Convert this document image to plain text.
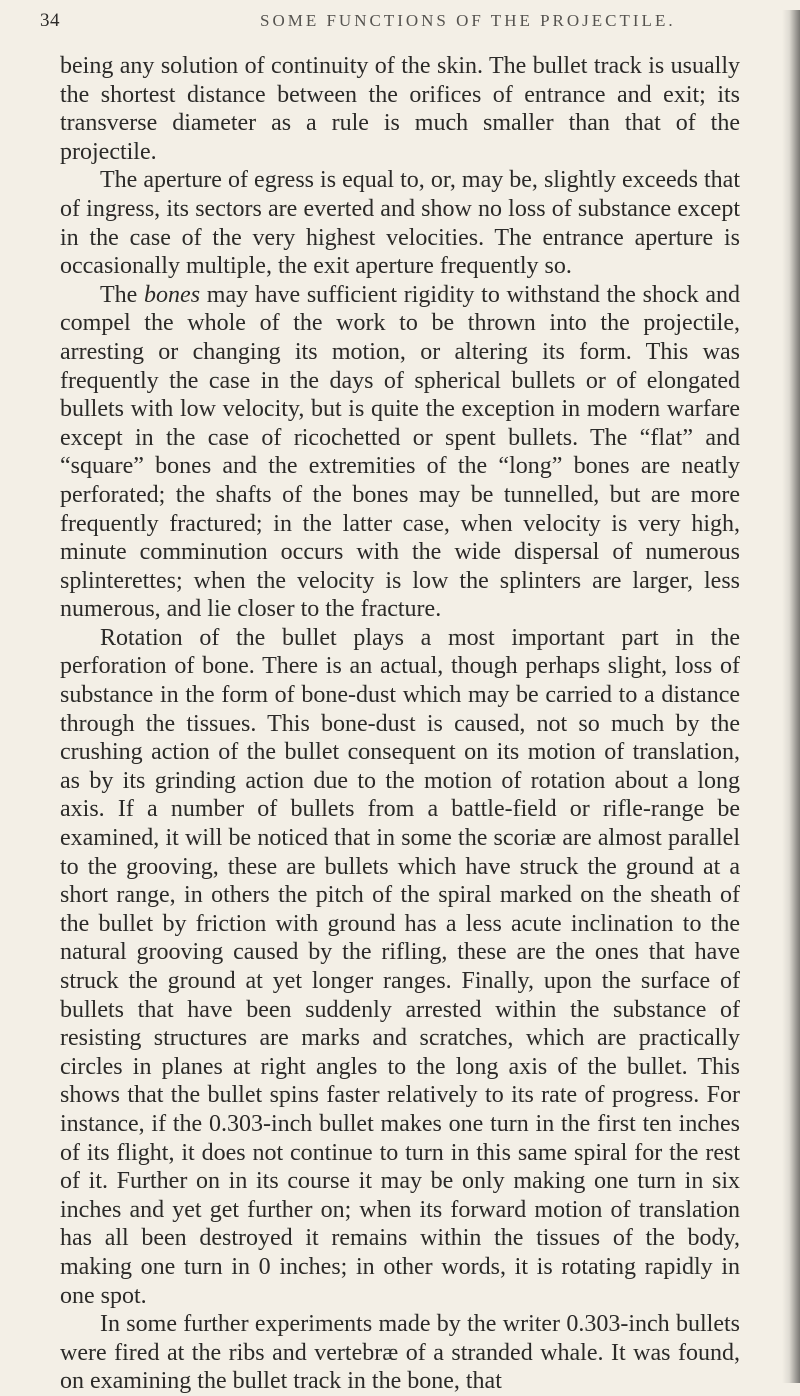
34	SOME FUNCTIONS OF THE PROJECTILE.

being any solution of continuity of the skin. The bullet track is usually the shortest distance between the orifices of entrance and exit; its transverse diameter as a rule is much smaller than that of the projectile.

The aperture of egress is equal to, or, may be, slightly exceeds that of ingress, its sectors are everted and show no loss of substance except in the case of the very highest velocities. The entrance aperture is occasionally multiple, the exit aperture frequently so.

The bones may have sufficient rigidity to withstand the shock and compel the whole of the work to be thrown into the projectile, arresting or changing its motion, or altering its form. This was frequently the case in the days of spherical bullets or of elongated bullets with low velocity, but is quite the exception in modern warfare except in the case of ricochetted or spent bullets. The “flat” and “square” bones and the extremities of the “long” bones are neatly perforated; the shafts of the bones may be tunnelled, but are more frequently fractured; in the latter case, when velocity is very high, minute comminution occurs with the wide dispersal of numerous splinterettes; when the velocity is low the splinters are larger, less numerous, and lie closer to the fracture.

Rotation of the bullet plays a most important part in the perforation of bone. There is an actual, though perhaps slight, loss of substance in the form of bone-dust which may be carried to a distance through the tissues. This bone-dust is caused, not so much by the crushing action of the bullet consequent on its motion of translation, as by its grinding action due to the motion of rotation about a long axis. If a number of bullets from a battle-field or rifle-range be examined, it will be noticed that in some the scoriæ are almost parallel to the grooving, these are bullets which have struck the ground at a short range, in others the pitch of the spiral marked on the sheath of the bullet by friction with ground has a less acute inclination to the natural grooving caused by the rifling, these are the ones that have struck the ground at yet longer ranges. Finally, upon the surface of bullets that have been suddenly arrested within the substance of resisting structures are marks and scratches, which are practically circles in planes at right angles to the long axis of the bullet. This shows that the bullet spins faster relatively to its rate of progress. For instance, if the 0.303-inch bullet makes one turn in the first ten inches of its flight, it does not continue to turn in this same spiral for the rest of it. Further on in its course it may be only making one turn in six inches and yet get further on; when its forward motion of translation has all been destroyed it remains within the tissues of the body, making one turn in 0 inches; in other words, it is rotating rapidly in one spot.

In some further experiments made by the writer 0.303-inch bullets were fired at the ribs and vertebræ of a stranded whale. It was found, on examining the bullet track in the bone, that
